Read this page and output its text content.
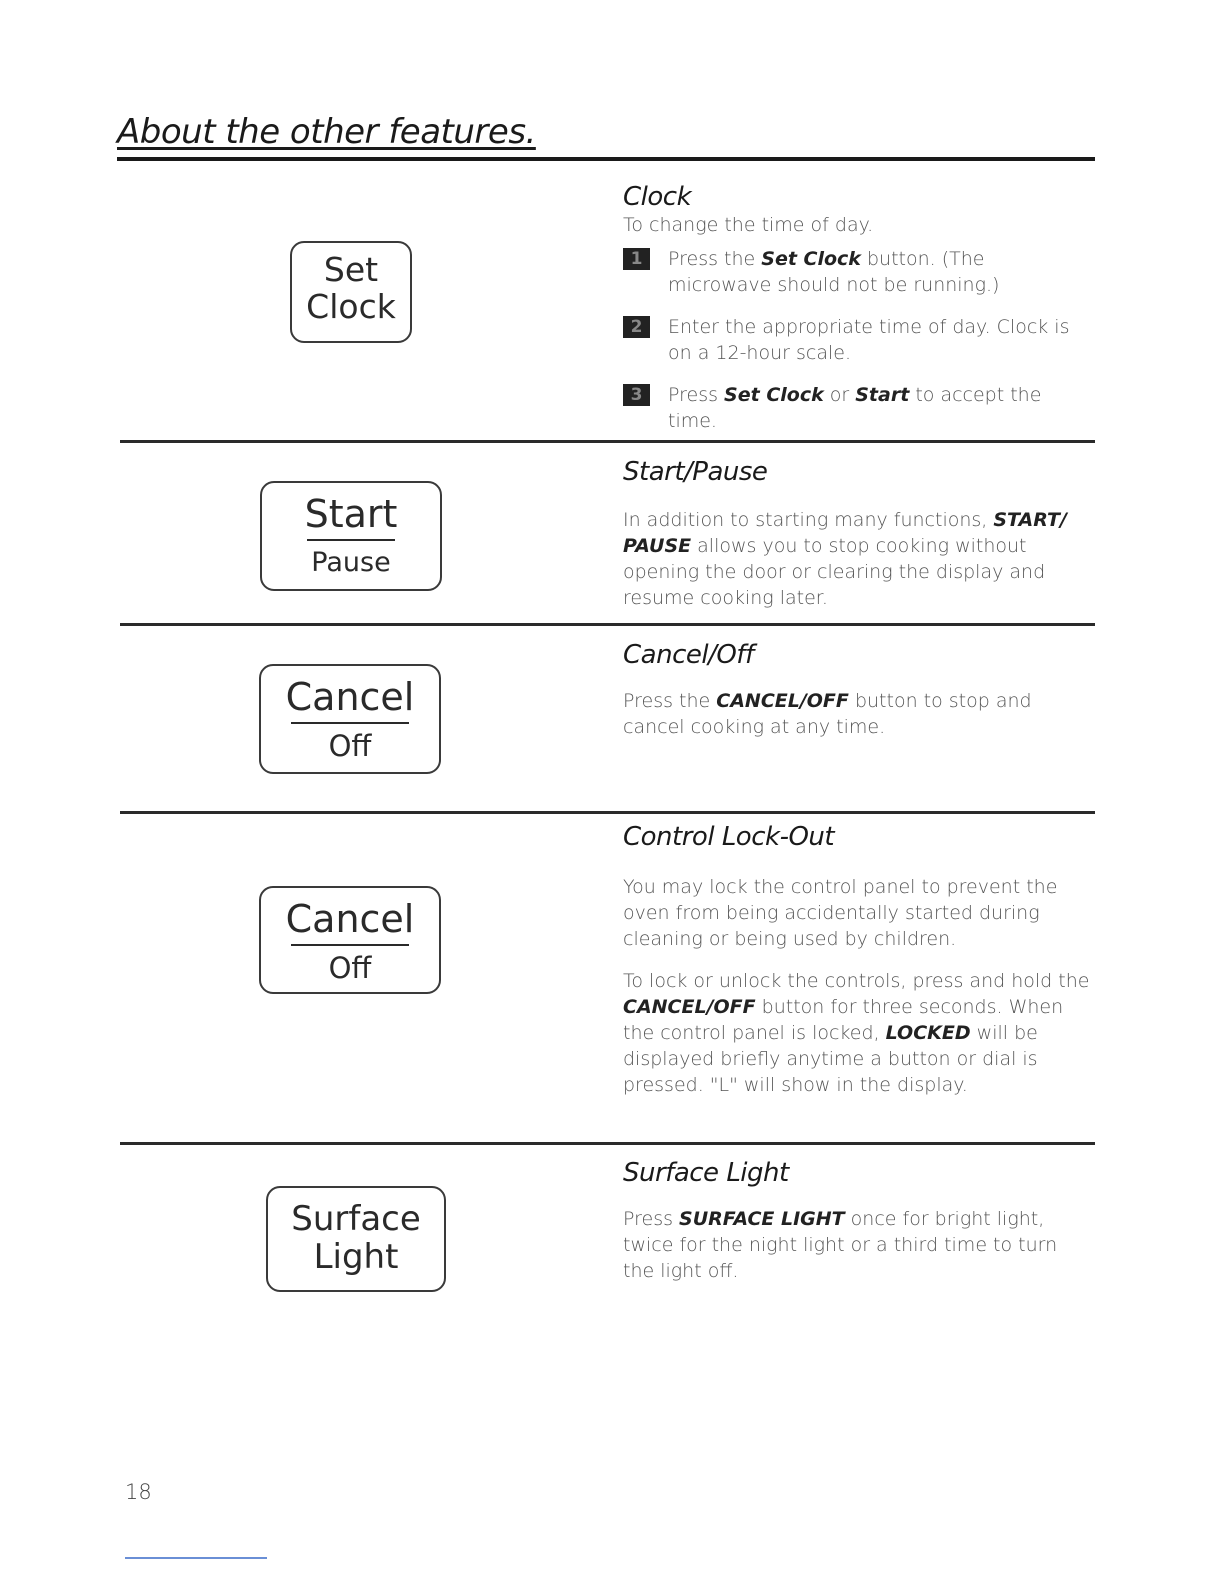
About the other features.
Set
Clock
Clock

To change the time of day.

1	Press the Set Clock button. (The microwave should not be running.)
2	Enter the appropriate time of day. Clock is on a 12-hour scale.
3	Press Set Clock or Start to accept the time.
Start
Pause
Start/Pause

In addition to starting many functions, START/ PAUSE allows you to stop cooking without opening the door or clearing the display and resume cooking later.

Cancel
Off
Cancel/Off

Press the CANCEL/OFF button to stop and cancel cooking at any time.

Cancel
Off
Control Lock-Out

You may lock the control panel to prevent the oven from being accidentally started during cleaning or being used by children.

To lock or unlock the controls, press and hold the CANCEL/OFF button for three seconds. When the control panel is locked, LOCKED will be displayed briefly anytime a button or dial is pressed. "L" will show in the display.

Surface
Light
Surface Light

Press SURFACE LIGHT once for bright light, twice for the night light or a third time to turn the light off.

18
